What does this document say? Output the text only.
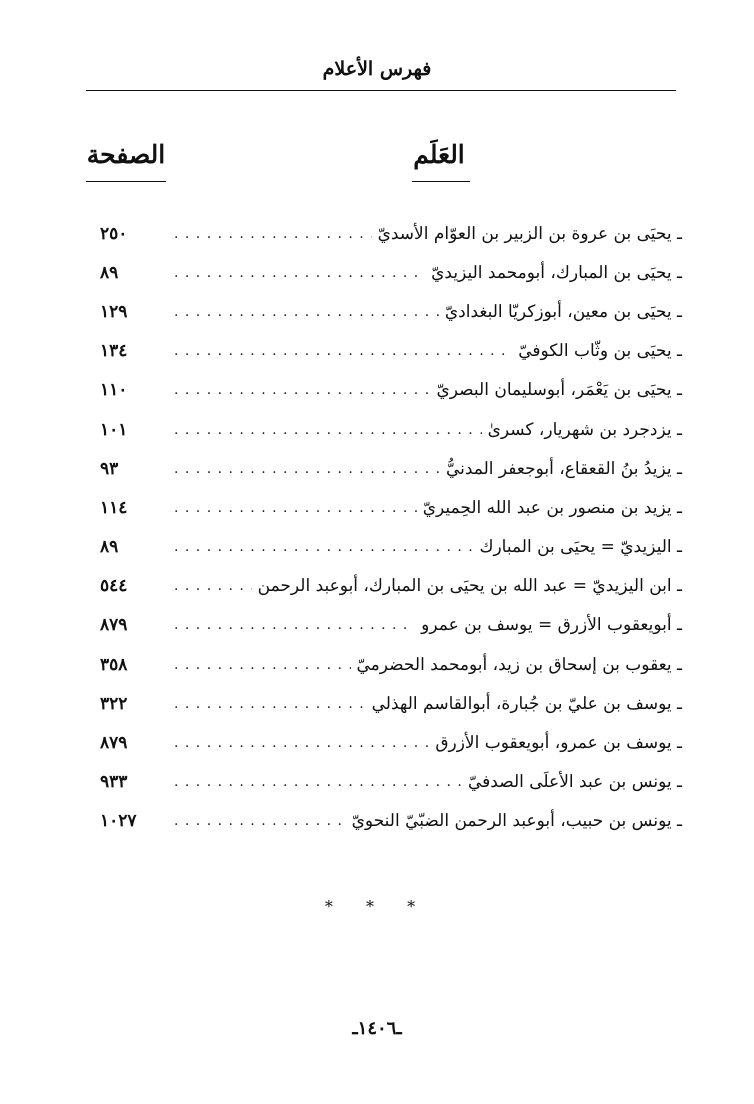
فهرس الأعلام
العَلَم
الصفحة
ـ يحيَى بن عروة بن الزبير بن العوّام الأسديّ
. . .
٢٥٠
ـ يحيَى بن المبارك، أبومحمد اليزيديّ
. . .
٨٩
ـ يحيَى بن معين، أبوزكريّا البغداديّ
. . .
١٢٩
ـ يحيَى بن وثّاب الكوفيّ
. . .
١٣٤
ـ يحيَى بن يَعْمَر، أبوسليمان البصريّ
. . .
١١٠
ـ يزدجرد بن شهريار، كسرىٰ
. . .
١٠١
ـ يزيدُ بنُ القعقاع، أبوجعفر المدنيُّ
. . .
٩٣
ـ يزيد بن منصور بن عبد الله الحِميريّ
. . .
١١٤
ـ اليزيديّ = يحيَى بن المبارك
. . .
٨٩
ـ ابن اليزيديّ = عبد الله بن يحيَى بن المبارك، أبوعبد الرحمن
. . .
٥٤٤
ـ أبويعقوب الأزرق = يوسف بن عمرو
. . .
٨٧٩
ـ يعقوب بن إسحاق بن زيد، أبومحمد الحضرميّ
. . .
٣٥٨
ـ يوسف بن عليّ بن جُبارة، أبوالقاسم الهذلي
. . .
٣٢٢
ـ يوسف بن عمرو، أبويعقوب الأزرق
. . .
٨٧٩
ـ يونس بن عبد الأعلَى الصدفيّ
. . .
٩٣٣
ـ يونس بن حبيب، أبوعبد الرحمن الضبّيّ النحويّ
. . .
١٠٢٧
* * *
ـ١٤٠٦ـ
